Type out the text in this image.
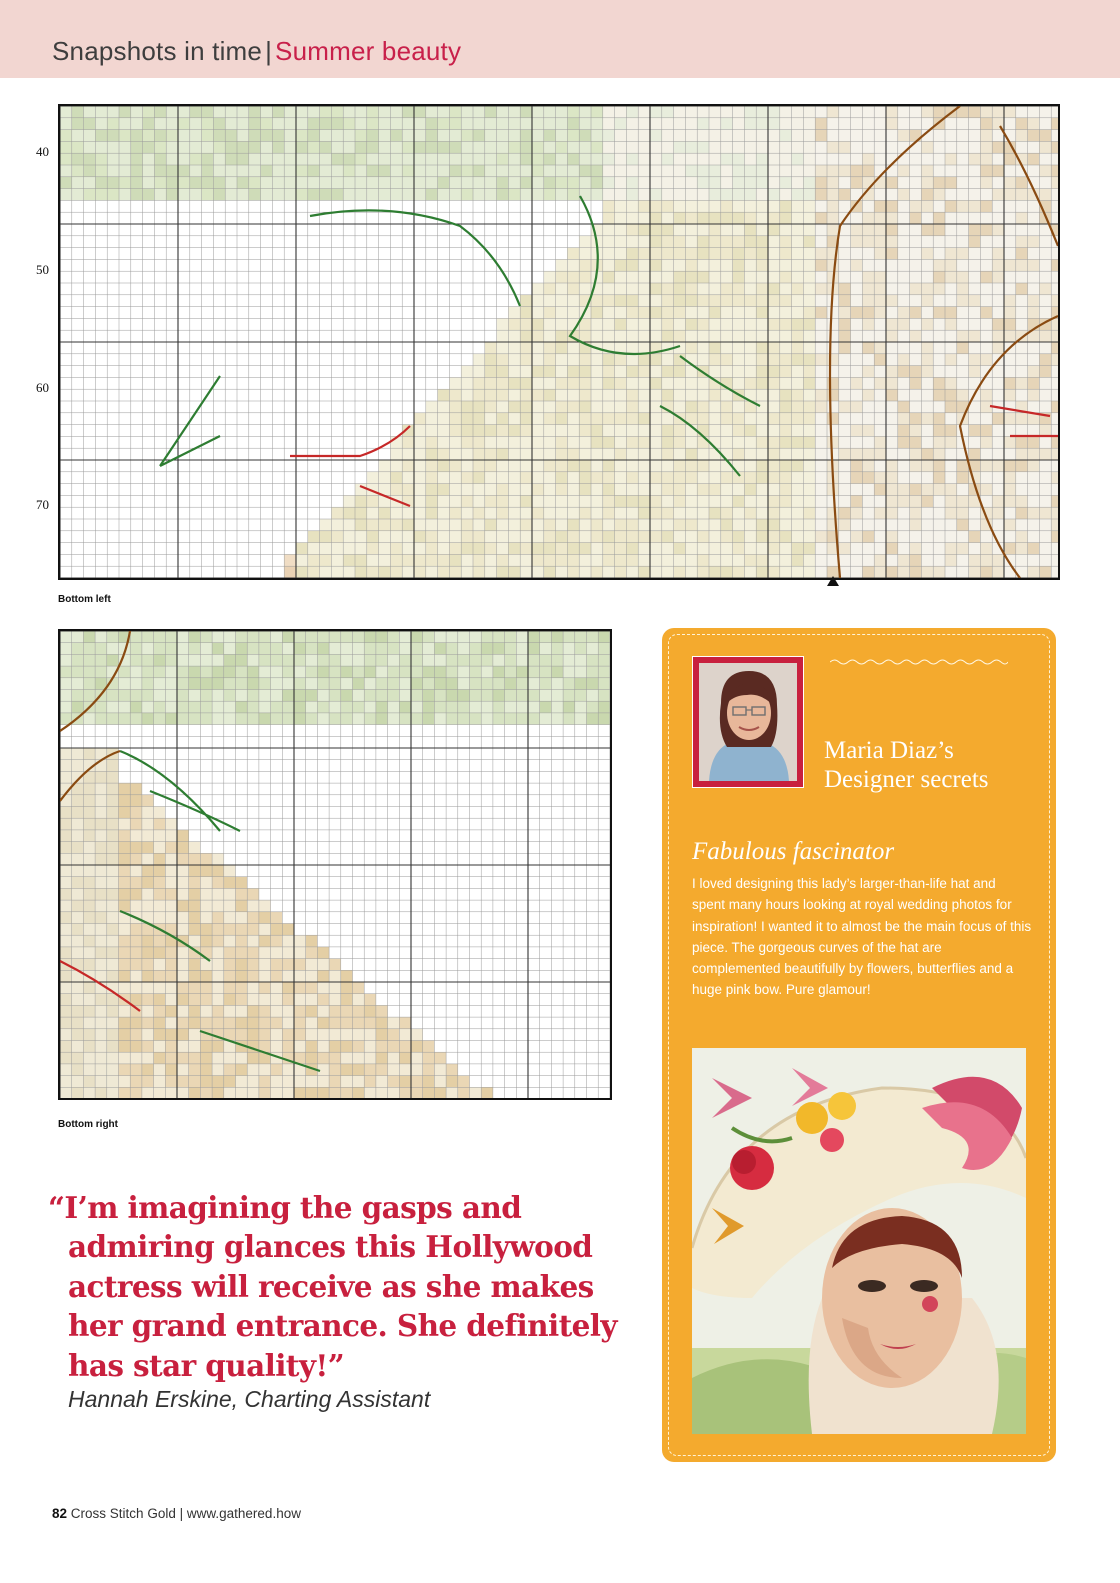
Snapshots in time | Summer beauty
40
50
60
70
Bottom left
Bottom right
Maria Diaz’s
Designer secrets
Fabulous fascinator
I loved designing this lady’s larger-than-life hat and spent many hours looking at royal wedding photos for inspiration! I wanted it to almost be the main focus of this piece. The gorgeous curves of the hat are complemented beautifully by flowers, butterflies and a huge pink bow. Pure glamour!
“I’m imagining the gasps and
admiring glances this Hollywood
actress will receive as she makes
her grand entrance. She definitely
has star quality!”
Hannah Erskine, Charting Assistant
82 Cross Stitch Gold | www.gathered.how
